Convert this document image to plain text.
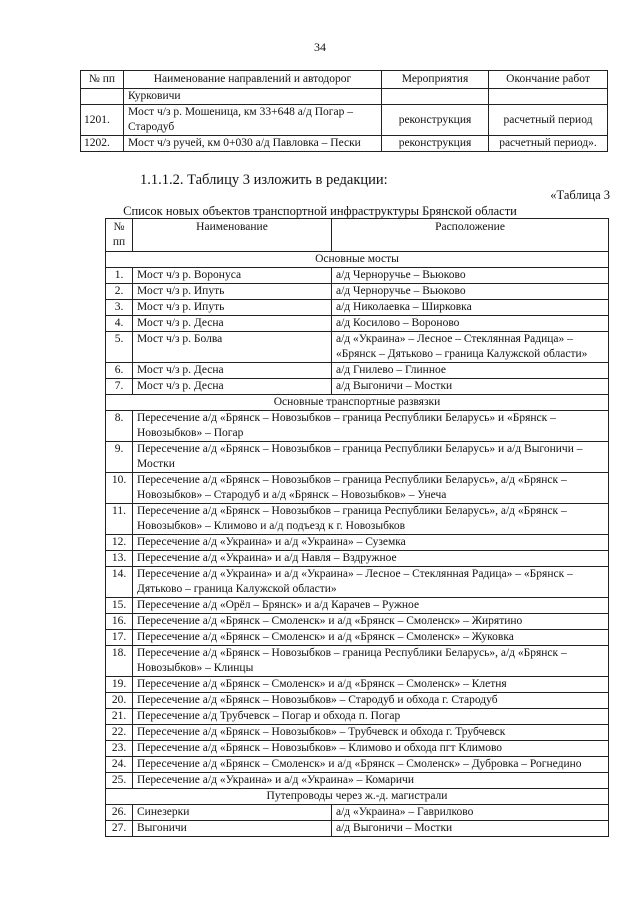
34
№ пп	Наименование направлений и автодорог	Мероприятия	Окончание работ
	Курковичи		
1201.	Мост ч/з р. Мошеница, км 33+648 а/д Погар – Стародуб	реконструкция	расчетный период
1202.	Мост ч/з ручей, км 0+030 а/д Павловка – Пески	реконструкция	расчетный период».
1.1.1.2. Таблицу 3 изложить в редакции:
«Таблица 3
Список новых объектов транспортной инфраструктуры Брянской области
№ пп	Наименование	Расположение
Основные мосты		
1.	Мост ч/з р. Воронуса	а/д Черноручье – Вьюково
2.	Мост ч/з р. Ипуть	а/д Черноручье – Вьюково
3.	Мост ч/з р. Ипуть	а/д Николаевка – Ширковка
4.	Мост ч/з р. Десна	а/д Косилово – Вороново
5.	Мост ч/з р. Болва	а/д «Украина» – Лесное – Стеклянная Радица» – «Брянск – Дятьково – граница Калужской области»
6.	Мост ч/з р. Десна	а/д Гнилево – Глинное
7.	Мост ч/з р. Десна	а/д Выгоничи – Мостки
Основные транспортные развязки		
8.	Пересечение а/д «Брянск – Новозыбков – граница Республики Беларусь» и «Брянск – Новозыбков» – Погар	
9.	Пересечение а/д «Брянск – Новозыбков – граница Республики Беларусь» и а/д Выгоничи – Мостки	
10.	Пересечение а/д «Брянск – Новозыбков – граница Республики Беларусь», а/д «Брянск – Новозыбков» – Стародуб и а/д «Брянск – Новозыбков» – Унеча	
11.	Пересечение а/д «Брянск – Новозыбков – граница Республики Беларусь», а/д «Брянск – Новозыбков» – Климово и а/д подъезд к г. Новозыбков	
12.	Пересечение а/д «Украина» и а/д «Украина» – Суземка	
13.	Пересечение а/д «Украина» и а/д Навля – Вздружное	
14.	Пересечение а/д «Украина» и а/д «Украина» – Лесное – Стеклянная Радица» – «Брянск – Дятьково – граница Калужской области»	
15.	Пересечение а/д «Орёл – Брянск» и а/д Карачев – Ружное	
16.	Пересечение а/д «Брянск – Смоленск» и а/д «Брянск – Смоленск» – Жирятино	
17.	Пересечение а/д «Брянск – Смоленск» и а/д «Брянск – Смоленск» – Жуковка	
18.	Пересечение а/д «Брянск – Новозыбков – граница Республики Беларусь», а/д «Брянск – Новозыбков» – Клинцы	
19.	Пересечение а/д «Брянск – Смоленск» и а/д «Брянск – Смоленск» – Клетня	
20.	Пересечение а/д «Брянск – Новозыбков» – Стародуб и обхода г. Стародуб	
21.	Пересечение а/д Трубчевск – Погар и обхода п. Погар	
22.	Пересечение а/д «Брянск – Новозыбков» – Трубчевск и обхода г. Трубчевск	
23.	Пересечение а/д «Брянск – Новозыбков» – Климово и обхода пгт Климово	
24.	Пересечение а/д «Брянск – Смоленск» и а/д «Брянск – Смоленск» – Дубровка – Рогнедино	
25.	Пересечение а/д «Украина» и а/д «Украина» – Комаричи	
Путепроводы через ж.-д. магистрали		
26.	Синезерки	а/д «Украина» – Гаврилково
27.	Выгоничи	а/д Выгоничи – Мостки
